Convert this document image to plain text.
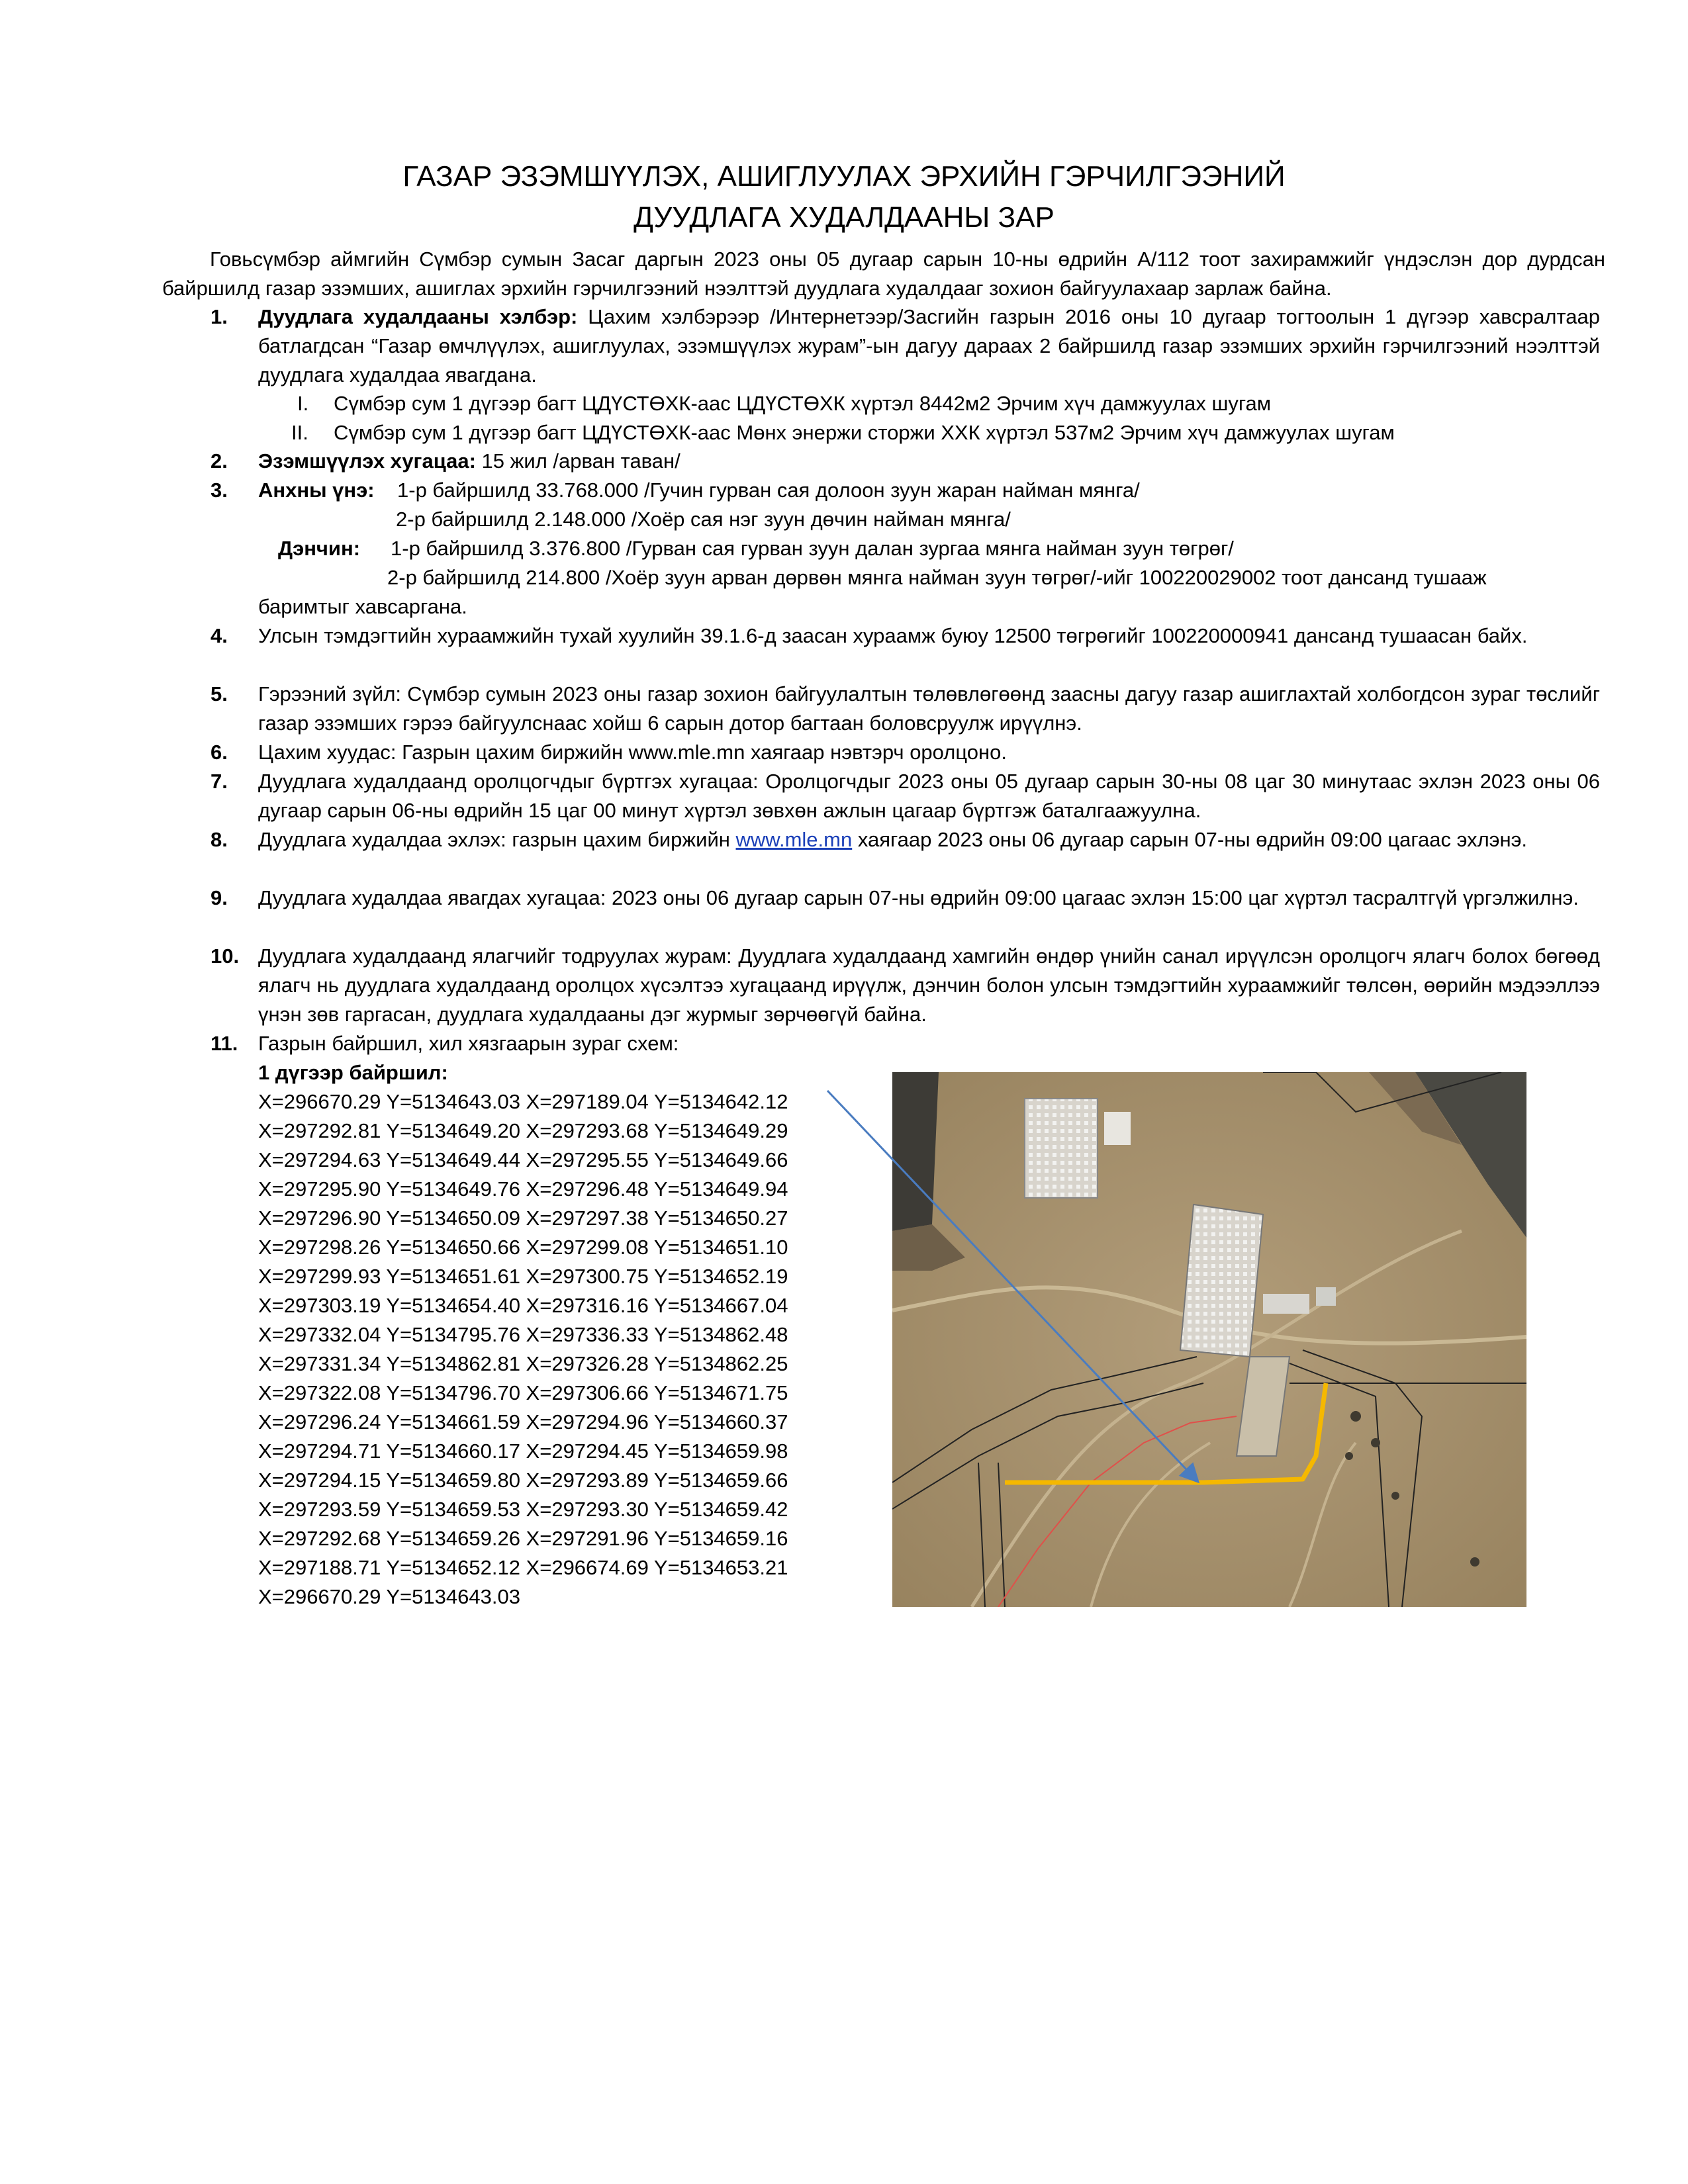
ГАЗАР ЭЗЭМШҮҮЛЭХ, АШИГЛУУЛАХ ЭРХИЙН ГЭРЧИЛГЭЭНИЙ
ДУУДЛАГА ХУДАЛДААНЫ ЗАР
Говьсүмбэр аймгийн Сүмбэр сумын Засаг даргын 2023 оны 05 дугаар сарын 10-ны өдрийн А/112 тоот захирамжийг үндэслэн дор дурдсан байршилд газар эзэмших, ашиглах эрхийн гэрчилгээний нээлттэй дуудлага худалдааг зохион байгуулахаар зарлаж байна.
1.	Дуудлага худалдааны хэлбэр: Цахим хэлбэрээр /Интернетээр/Засгийн газрын 2016 оны 10 дугаар тогтоолын 1 дүгээр хавсралтаар батлагдсан “Газар өмчлүүлэх, ашиглуулах, эзэмшүүлэх журам”-ын дагуу дараах 2 байршилд газар эзэмших эрхийн гэрчилгээний нээлттэй дуудлага худалдаа явагдана.
I. Сүмбэр сум 1 дүгээр багт ЦДҮСТӨХК-аас ЦДҮСТӨХК хүртэл 8442м2 Эрчим хүч дамжуулах шугам
II. Сүмбэр сум 1 дүгээр багт ЦДҮСТӨХК-аас Мөнх энержи сторжи ХХК хүртэл 537м2 Эрчим хүч дамжуулах шугам
2.	Эзэмшүүлэх хугацаа: 15 жил /арван таван/
3. Анхны үнэ: 1-р байршилд 33.768.000 /Гучин гурван сая долоон зуун жаран найман мянга/
2-р байршилд 2.148.000 /Хоёр сая нэг зуун дөчин найман мянга/
Дэнчин: 1-р байршилд 3.376.800 /Гурван сая гурван зуун далан зургаа мянга найман зуун төгрөг/
2-р байршилд 214.800 /Хоёр зуун арван дөрвөн мянга найман зуун төгрөг/-ийг 100220029002 тоот дансанд тушааж
баримтыг хавсаргана.
4.	Улсын тэмдэгтийн хураамжийн тухай хуулийн 39.1.6-д заасан хураамж буюу 12500 төгрөгийг 100220000941 дансанд тушаасан байх.
5.	Гэрээний зүйл: Сүмбэр сумын 2023 оны газар зохион байгуулалтын төлөвлөгөөнд заасны дагуу газар ашиглахтай холбогдсон зураг төслийг газар эзэмших гэрээ байгуулснаас хойш 6 сарын дотор багтаан боловсруулж ирүүлнэ.
6.	Цахим хуудас: Газрын цахим биржийн www.mle.mn хаягаар нэвтэрч оролцоно.
7.	Дуудлага худалдаанд оролцогчдыг бүртгэх хугацаа: Оролцогчдыг 2023 оны 05 дугаар сарын 30-ны 08 цаг 30 минутаас эхлэн 2023 оны 06 дугаар сарын 06-ны өдрийн 15 цаг 00 минут хүртэл зөвхөн ажлын цагаар бүртгэж баталгаажуулна.
8.	Дуудлага худалдаа эхлэх: газрын цахим биржийн www.mle.mn хаягаар 2023 оны 06 дугаар сарын 07-ны өдрийн 09:00 цагаас эхлэнэ.
9.	Дуудлага худалдаа явагдах хугацаа: 2023 оны 06 дугаар сарын 07-ны өдрийн 09:00 цагаас эхлэн 15:00 цаг хүртэл тасралтгүй үргэлжилнэ.
10. Дуудлага худалдаанд ялагчийг тодруулах журам: Дуудлага худалдаанд хамгийн өндөр үнийн санал ирүүлсэн оролцогч ялагч болох бөгөөд ялагч нь дуудлага худалдаанд оролцох хүсэлтээ хугацаанд ирүүлж, дэнчин болон улсын тэмдэгтийн хураамжийг төлсөн, өөрийн мэдээллээ үнэн зөв гаргасан, дуудлага худалдааны дэг журмыг зөрчөөгүй байна.
11. Газрын байршил, хил хязгаарын зураг схем:
1 дүгээр байршил:
X=296670.29 Y=5134643.03 X=297189.04 Y=5134642.12
X=297292.81 Y=5134649.20 X=297293.68 Y=5134649.29
X=297294.63 Y=5134649.44 X=297295.55 Y=5134649.66
X=297295.90 Y=5134649.76 X=297296.48 Y=5134649.94
X=297296.90 Y=5134650.09 X=297297.38 Y=5134650.27
X=297298.26 Y=5134650.66 X=297299.08 Y=5134651.10
X=297299.93 Y=5134651.61 X=297300.75 Y=5134652.19
X=297303.19 Y=5134654.40 X=297316.16 Y=5134667.04
X=297332.04 Y=5134795.76 X=297336.33 Y=5134862.48
X=297331.34 Y=5134862.81 X=297326.28 Y=5134862.25
X=297322.08 Y=5134796.70 X=297306.66 Y=5134671.75
X=297296.24 Y=5134661.59 X=297294.96 Y=5134660.37
X=297294.71 Y=5134660.17 X=297294.45 Y=5134659.98
X=297294.15 Y=5134659.80 X=297293.89 Y=5134659.66
X=297293.59 Y=5134659.53 X=297293.30 Y=5134659.42
X=297292.68 Y=5134659.26 X=297291.96 Y=5134659.16
X=297188.71 Y=5134652.12 X=296674.69 Y=5134653.21
X=296670.29 Y=5134643.03
